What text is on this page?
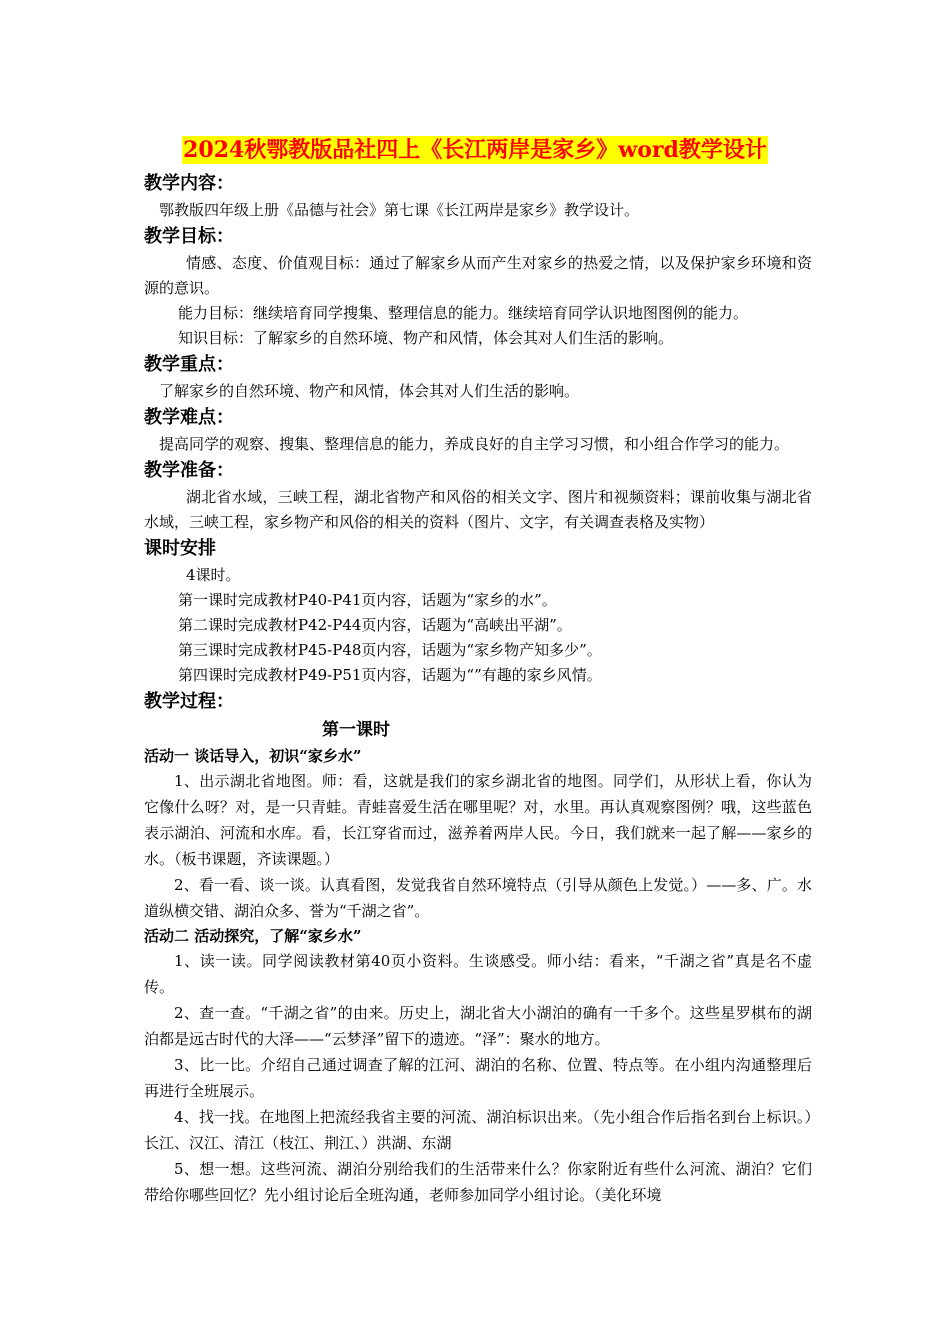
2024秋鄂教版品社四上《长江两岸是家乡》word教学设计

教学内容：

鄂教版四年级上册《品德与社会》第七课《长江两岸是家乡》教学设计。

教学目标：

情感、态度、价值观目标：通过了解家乡从而产生对家乡的热爱之情，以及保护家乡环境和资源的意识。

能力目标：继续培育同学搜集、整理信息的能力。继续培育同学认识地图图例的能力。

知识目标：了解家乡的自然环境、物产和风情，体会其对人们生活的影响。

教学重点：

了解家乡的自然环境、物产和风情，体会其对人们生活的影响。

教学难点：

提高同学的观察、搜集、整理信息的能力，养成良好的自主学习习惯，和小组合作学习的能力。

教学准备：

湖北省水域，三峡工程，湖北省物产和风俗的相关文字、图片和视频资料；课前收集与湖北省水域，三峡工程，家乡物产和风俗的相关的资料（图片、文字，有关调查表格及实物）

课时安排

4课时。

第一课时完成教材P40-P41页内容，话题为“家乡的水”。

第二课时完成教材P42-P44页内容，话题为“高峡出平湖”。

第三课时完成教材P45-P48页内容，话题为“家乡物产知多少”。

第四课时完成教材P49-P51页内容，话题为“”有趣的家乡风情。

教学过程：

第一课时

活动一 谈话导入，初识“家乡水”

1、出示湖北省地图。师：看，这就是我们的家乡湖北省的地图。同学们，从形状上看，你认为它像什么呀？对，是一只青蛙。青蛙喜爱生活在哪里呢？对，水里。再认真观察图例？哦，这些蓝色表示湖泊、河流和水库。看，长江穿省而过，滋养着两岸人民。今日，我们就来一起了解——家乡的水。（板书课题，齐读课题。）

2、看一看、谈一谈。认真看图，发觉我省自然环境特点（引导从颜色上发觉。）——多、广。水道纵横交错、湖泊众多、誉为“千湖之省”。

活动二 活动探究，了解“家乡水”

1、读一读。同学阅读教材第40页小资料。生谈感受。师小结：看来，“千湖之省”真是名不虚传。

2、查一查。“千湖之省”的由来。历史上，湖北省大小湖泊的确有一千多个。这些星罗棋布的湖泊都是远古时代的大泽——“云梦泽”留下的遗迹。“泽”：聚水的地方。

3、比一比。介绍自己通过调查了解的江河、湖泊的名称、位置、特点等。在小组内沟通整理后再进行全班展示。

4、找一找。在地图上把流经我省主要的河流、湖泊标识出来。（先小组合作后指名到台上标识。）长江、汉江、清江（枝江、荆江、）洪湖、东湖

5、想一想。这些河流、湖泊分别给我们的生活带来什么？你家附近有些什么河流、湖泊？它们带给你哪些回忆？先小组讨论后全班沟通，老师参加同学小组讨论。（美化环境
